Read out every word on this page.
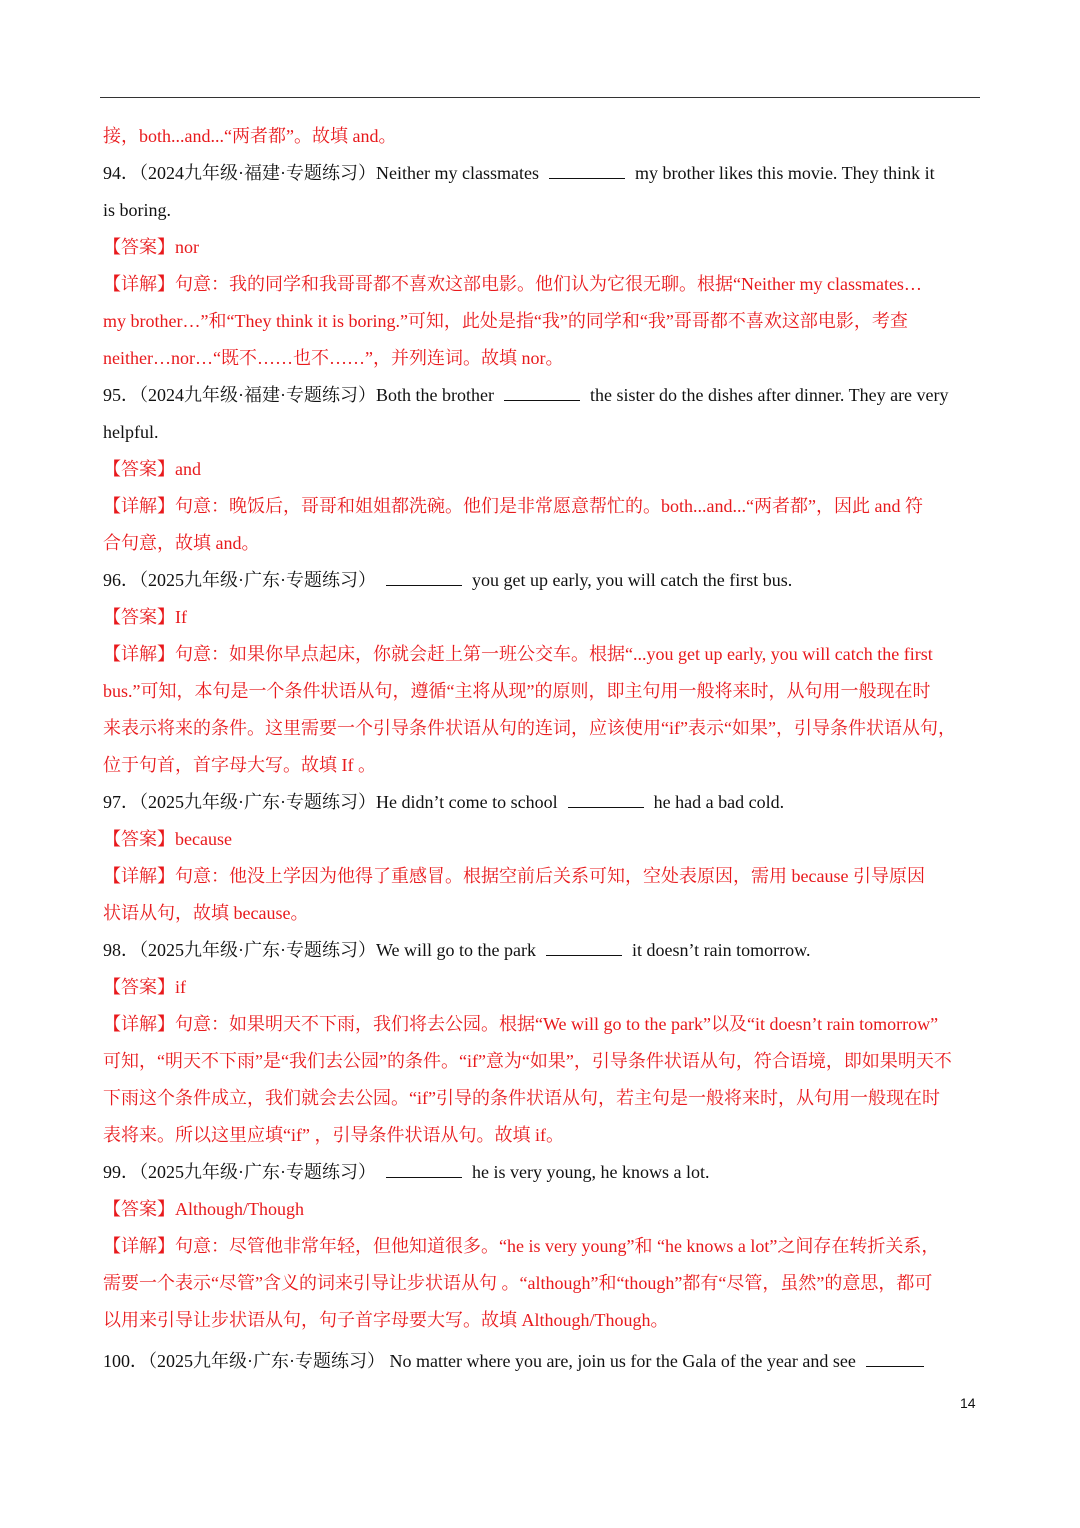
接，both...and...“两者都”。故填 and。
94．（2024九年级·福建·专题练习）Neither my classmates	my brother likes this movie. They think it
is boring.
【答案】nor
【详解】句意：我的同学和我哥哥都不喜欢这部电影。他们认为它很无聊。根据“Neither my classmates…
my brother…”和“They think it is boring.”可知，此处是指“我”的同学和“我”哥哥都不喜欢这部电影，考查
neither…nor…“既不……也不……”，并列连词。故填 nor。
95．（2024九年级·福建·专题练习）Both the brother	the sister do the dishes after dinner. They are very
helpful.
【答案】and
【详解】句意：晚饭后，哥哥和姐姐都洗碗。他们是非常愿意帮忙的。both...and...“两者都”，因此 and 符
合句意，故填 and。
96．（2025九年级·广东·专题练习）	you get up early, you will catch the first bus.
【答案】If
【详解】句意：如果你早点起床，你就会赶上第一班公交车。根据“...you get up early, you will catch the first
bus.”可知，本句是一个条件状语从句，遵循“主将从现”的原则，即主句用一般将来时，从句用一般现在时
来表示将来的条件。这里需要一个引导条件状语从句的连词，应该使用“if”表示“如果”，引导条件状语从句，
位于句首，首字母大写。故填 If 。
97．（2025九年级·广东·专题练习）He didn’t come to school	he had a bad cold.
【答案】because
【详解】句意：他没上学因为他得了重感冒。根据空前后关系可知，空处表原因，需用 because 引导原因
状语从句，故填 because。
98．（2025九年级·广东·专题练习）We will go to the park	it doesn’t rain tomorrow.
【答案】if
【详解】句意：如果明天不下雨，我们将去公园。根据“We will go to the park”以及“it doesn’t rain tomorrow”
可知，“明天不下雨”是“我们去公园”的条件。“if”意为“如果”，引导条件状语从句，符合语境，即如果明天不
下雨这个条件成立，我们就会去公园。“if”引导的条件状语从句，若主句是一般将来时，从句用一般现在时
表将来。所以这里应填“if” ，引导条件状语从句。故填 if。
99．（2025九年级·广东·专题练习）	he is very young, he knows a lot.
【答案】Although/Though
【详解】句意：尽管他非常年轻，但他知道很多。“he is very young”和 “he knows a lot”之间存在转折关系，
需要一个表示“尽管”含义的词来引导让步状语从句 。“although”和“though”都有“尽管，虽然”的意思，都可
以用来引导让步状语从句，句子首字母要大写。故填 Although/Though。
100．（2025九年级·广东·专题练习） No matter where you are, join us for the Gala of the year and see
14
